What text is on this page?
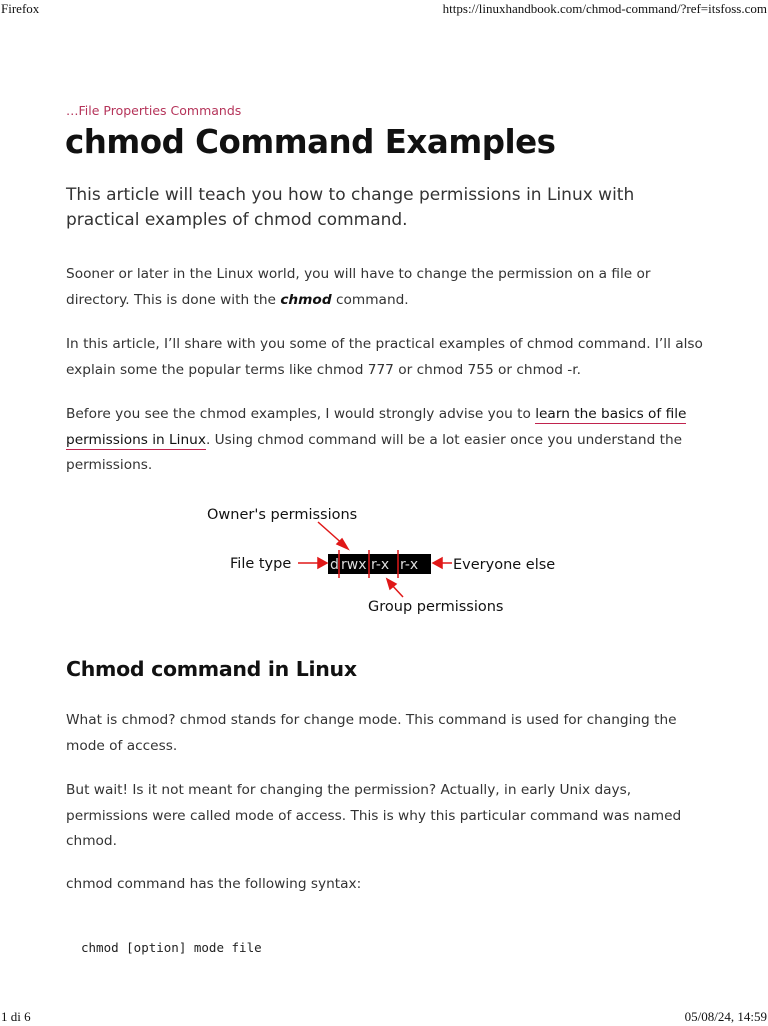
Firefox	https://linuxhandbook.com/chmod-command/?ref=itsfoss.com
…File Properties Commands
chmod Command Examples

This article will teach you how to change permissions in Linux with practical examples of chmod command.

Sooner or later in the Linux world, you will have to change the permission on a file or directory. This is done with the chmod command.

In this article, I’ll share with you some of the practical examples of chmod command. I’ll also explain some the popular terms like chmod 777 or chmod 755 or chmod -r.

Before you see the chmod examples, I would strongly advise you to learn the basics of file permissions in Linux. Using chmod command will be a lot easier once you understand the permissions.

Owner's permissions
File type	Everyone else
Group permissions
d rwx r-x r-x
Chmod command in Linux

What is chmod? chmod stands for change mode. This command is used for changing the mode of access.

But wait! Is it not meant for changing the permission? Actually, in early Unix days, permissions were called mode of access. This is why this particular command was named chmod.

chmod command has the following syntax:

chmod [option] mode file
1 di 6	05/08/24, 14:59
